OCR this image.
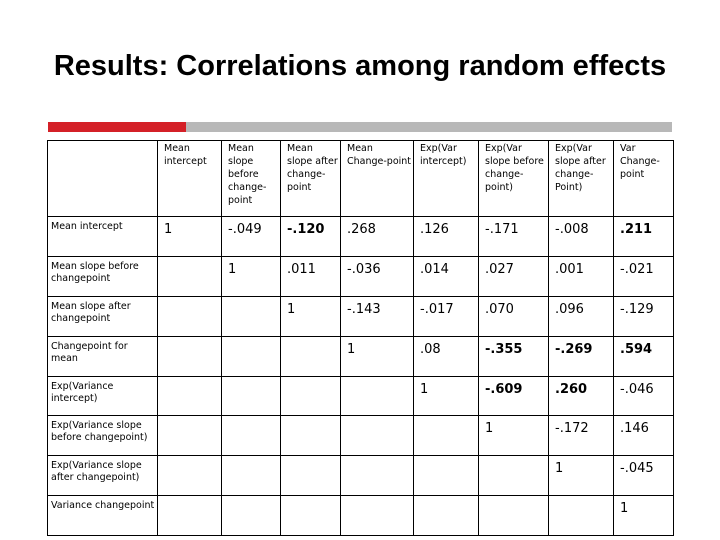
Results: Correlations among random effects
	Mean intercept	Mean slope before change-point	Mean slope after change-point	Mean Change-point	Exp(Var intercept)	Exp(Var slope before change-point)	Exp(Var slope after change-Point)	Var Change-point
Mean intercept	1	-.049	-.120	.268	.126	-.171	-.008	.211
Mean slope before changepoint		1	.011	-.036	.014	.027	.001	-.021
Mean slope after changepoint			1	-.143	-.017	.070	.096	-.129
Changepoint for mean				1	.08	-.355	-.269	.594
Exp(Variance intercept)					1	-.609	.260	-.046
Exp(Variance slope before changepoint)						1	-.172	.146
Exp(Variance slope after changepoint)							1	-.045
Variance changepoint								1
